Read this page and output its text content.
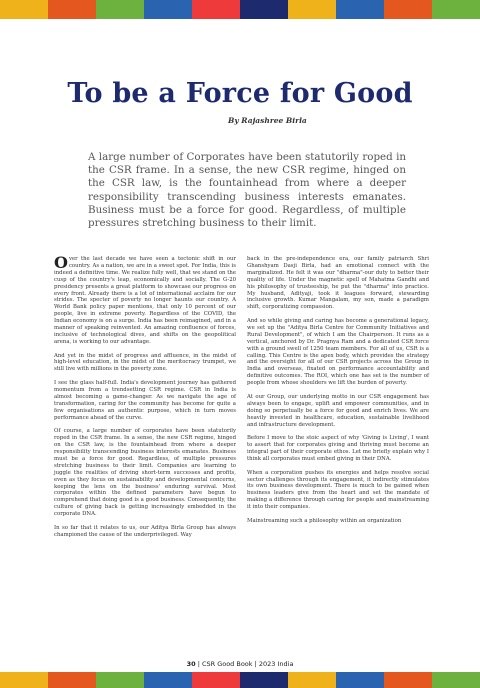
To be a Force for Good
By Rajashree Birla

A large number of Corporates have been statutorily roped in the CSR frame. In a sense, the new CSR regime, hinged on the CSR law, is the fountainhead from where a deeper responsibility transcending business interests emanates. Business must be a force for good. Regardless, of multiple pressures stretching business to their limit.

Over the last decade we have seen a tectonic shift in our country. As a nation, we are in a sweet spot. For India, this is indeed a definitive time. We realize fully well, that we stand on the cusp of the country's leap, economically and socially. The G-20 presidency presents a great platform to showcase our progress on every front. Already there is a lot of international acclaim for our strides. The specter of poverty no longer haunts our country. A World Bank policy paper mentions, that only 10 percent of our people, live in extreme poverty. Regardless of the COVID, the Indian economy is on a surge. India has been reimagined, and in a manner of speaking reinvented. An amazing confluence of forces, inclusive of technological dives, and shifts on the geopolitical arena, is working to our advantage.

And yet in the midst of progress and affluence, in the midst of high-level education, in the midst of the meritocracy trumpet, we still live with millions in the poverty zone.

I see the glass half-full. India's development journey has gathered momentum from a trendsetting CSR regime. CSR in India is almost becoming a game-changer. As we navigate the age of transformation, caring for the community has become for quite a few organisations an authentic purpose, which in turn moves performance ahead of the curve.

Of course, a large number of corporates have been statutorily roped in the CSR frame. In a sense, the new CSR regime, hinged on the CSR law, is the fountainhead from where a deeper responsibility transcending business interests emanates. Business must be a force for good. Regardless, of multiple pressures stretching business to their limit. Companies are learning to juggle the realities of driving short-term successes and profits, even as they focus on sustainability and developmental concerns, keeping the lens on the business' enduring survival. Most corporates within the defined parameters have begun to comprehend that doing good is a good business. Consequently, the culture of giving back is getting increasingly embedded in the corporate DNA.

In so far that it relates to us, our Aditya Birla Group has always championed the cause of the underprivileged. Way

back in the pre-independence era, our family patriarch Shri Ghanshyam Dasji Birla, had an emotional connect with the marginalized. He felt it was our "dharma"-our duty to better their quality of life. Under the magnetic spell of Mahatma Gandhi and his philosophy of trusteeship, he put the "dharma" into practice. My husband, Adityaji, took it leagues forward, stewarding inclusive growth. Kumar Mangalam, my son, made a paradigm shift, corporatizing compassion.

And so while giving and caring has become a generational legacy, we set up the "Aditya Birla Centre for Community Initiatives and Rural Development", of which I am the Chairperson. It runs as a vertical, anchored by Dr. Pragnya Ram and a dedicated CSR force with a ground swell of 1250 team members. For all of us, CSR is a calling. This Centre is the apex body, which provides the strategy and the oversight for all of our CSR projects across the Group in India and overseas, fixated on performance accountability and definitive outcomes. The ROI, which one has set is the number of people from whose shoulders we lift the burden of poverty.

At our Group, our underlying motto in our CSR engagement has always been to engage, uplift and empower communities, and in doing so perpetually be a force for good and enrich lives. We are heavily invested in healthcare, education, sustainable livelihood and infrastructure development.

Before I move to the stoic aspect of why 'Giving is Living', I want to assert that for corporates giving and thriving must become an integral part of their corporate ethos. Let me briefly explain why I think all corporates must embed giving in their DNA.

When a corporation pushes its energies and helps resolve social sector challenges through its engagement, it indirectly stimulates its own business development. There is much to be gained when business leaders give from the heart and set the mandate of making a difference through caring for people and mainstreaming it into their companies.

Mainstreaming such a philosophy within an organization

30 | CSR Good Book | 2023 India
